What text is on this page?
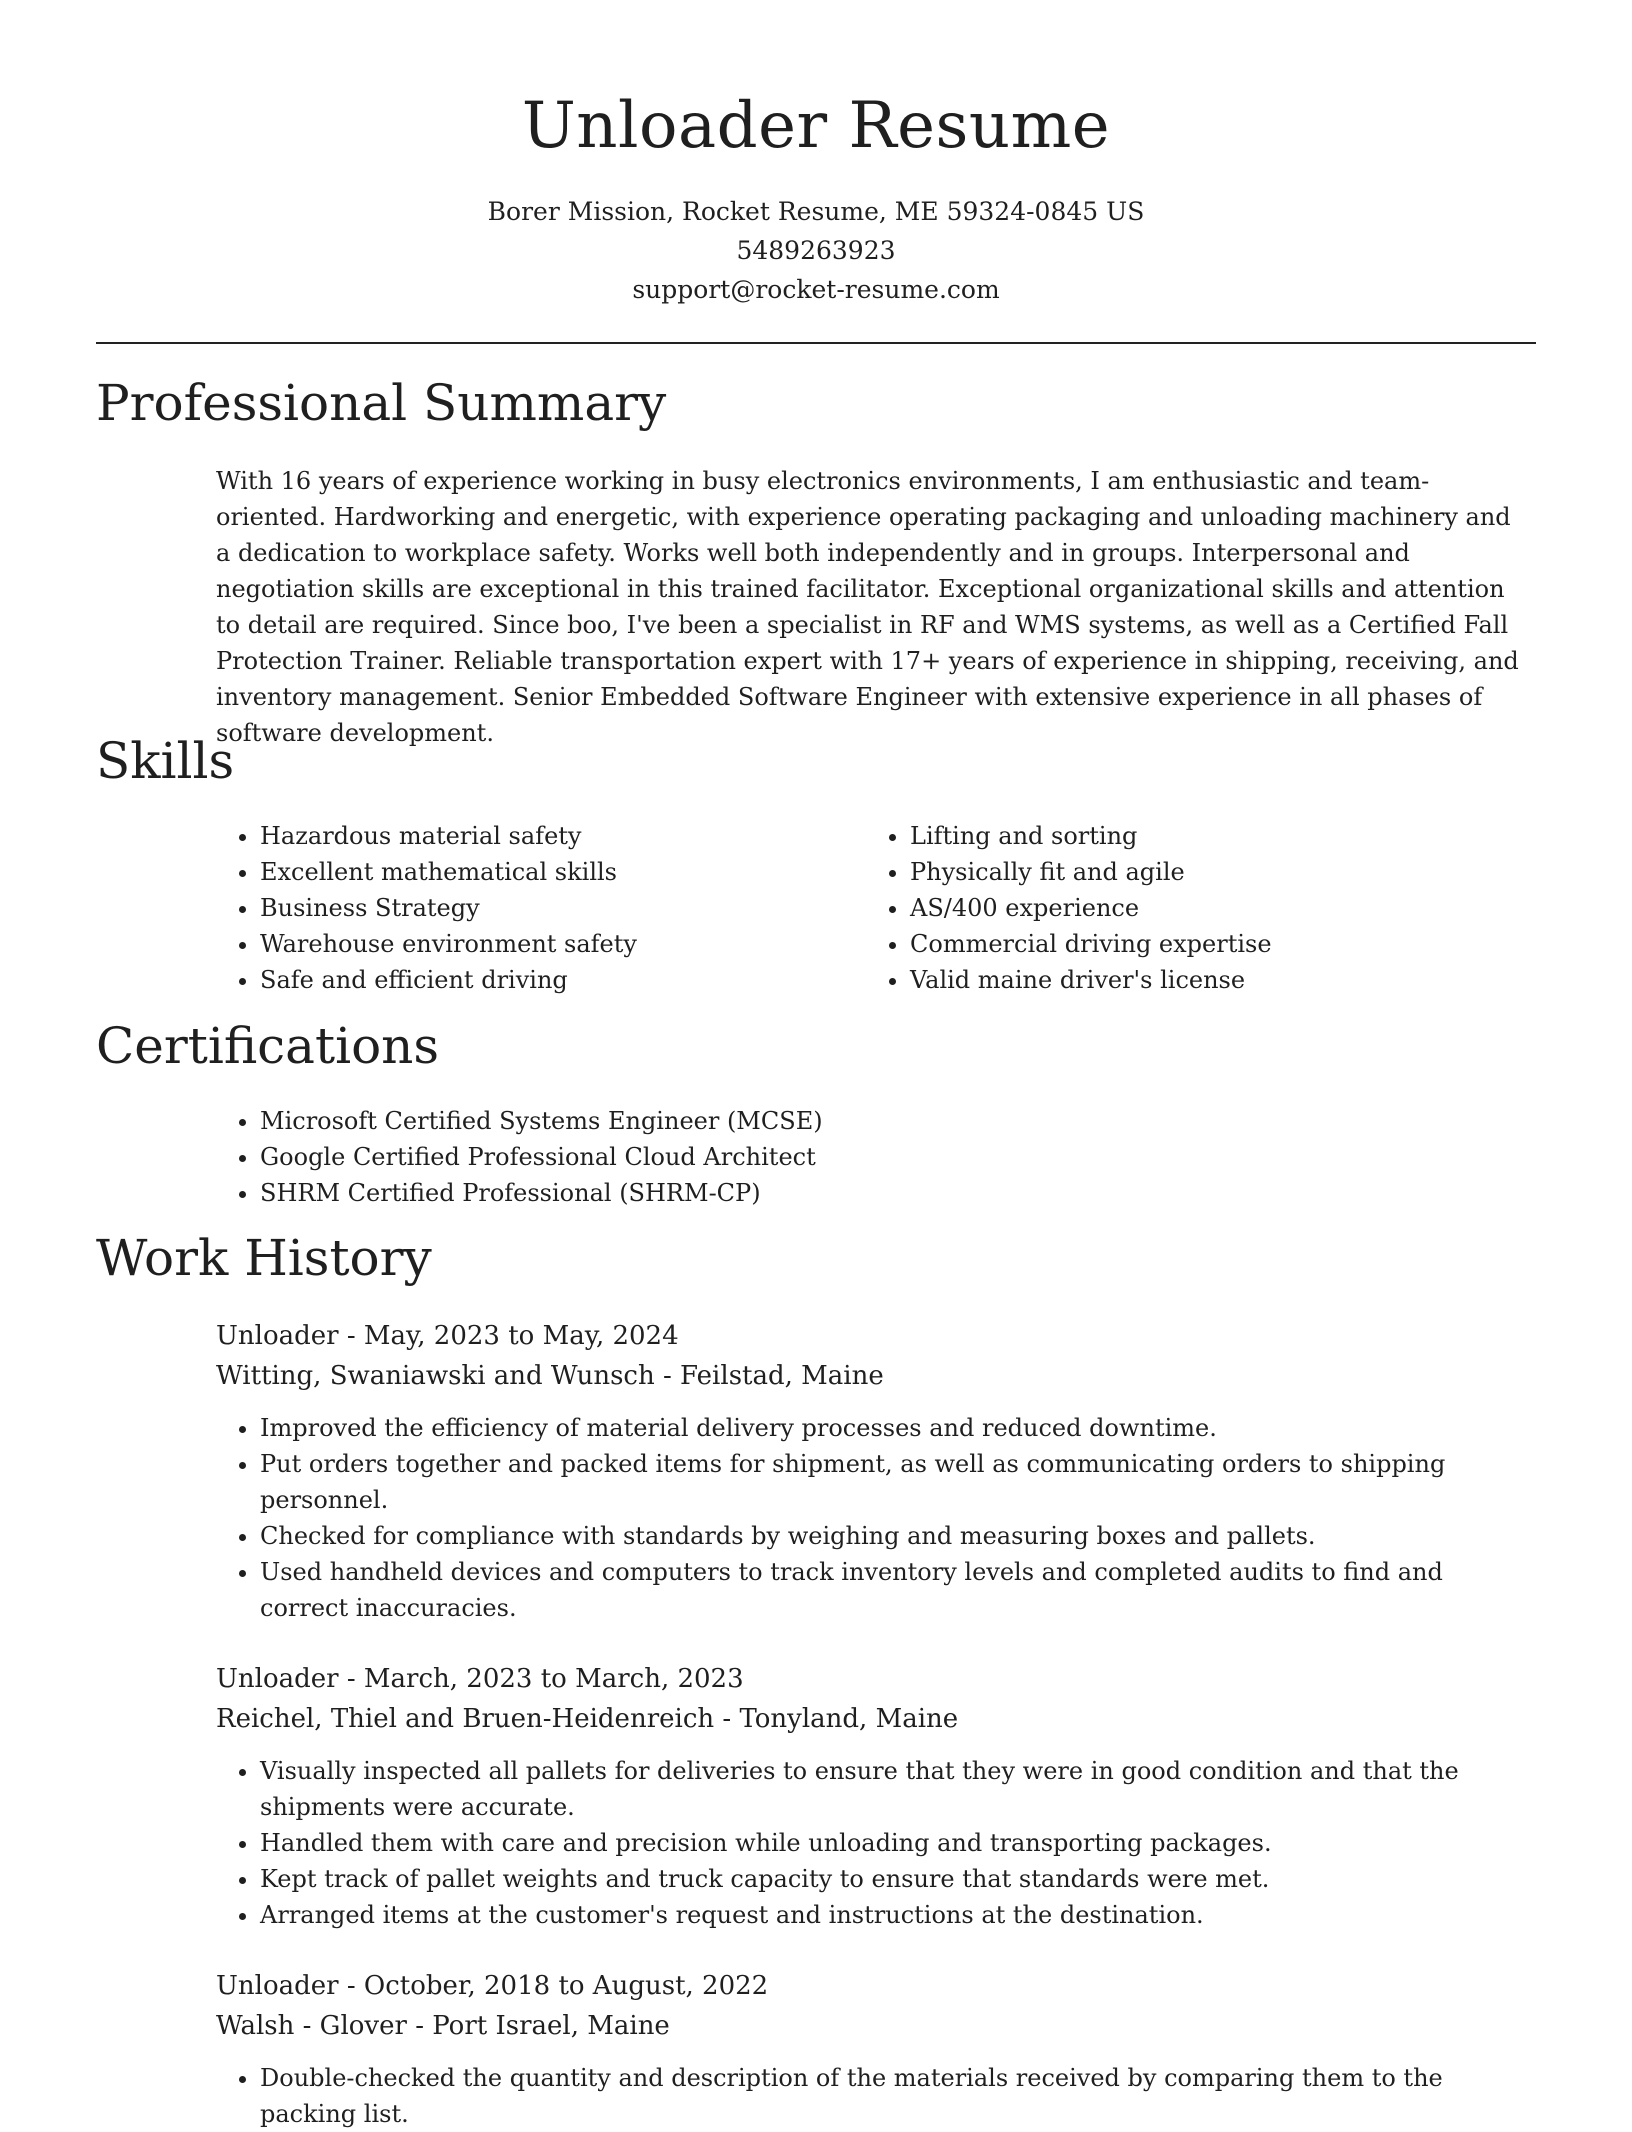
Unloader Resume
Borer Mission, Rocket Resume, ME 59324-0845 US
5489263923
support@rocket-resume.com
Professional Summary

With 16 years of experience working in busy electronics environments, I am enthusiastic and team-oriented. Hardworking and energetic, with experience operating packaging and unloading machinery and a dedication to workplace safety. Works well both independently and in groups. Interpersonal and negotiation skills are exceptional in this trained facilitator. Exceptional organizational skills and attention to detail are required. Since boo, I've been a specialist in RF and WMS systems, as well as a Certified Fall Protection Trainer. Reliable transportation expert with 17+ years of experience in shipping, receiving, and inventory management. Senior Embedded Software Engineer with extensive experience in all phases of software development.

Skills
• Hazardous material safety
• Excellent mathematical skills
• Business Strategy
• Warehouse environment safety
• Safe and efficient driving
• Lifting and sorting
• Physically fit and agile
• AS/400 experience
• Commercial driving expertise
• Valid maine driver's license
Certifications
• Microsoft Certified Systems Engineer (MCSE)
• Google Certified Professional Cloud Architect
• SHRM Certified Professional (SHRM-CP)
Work History
Unloader - May, 2023 to May, 2024
Witting, Swaniawski and Wunsch - Feilstad, Maine
• Improved the efficiency of material delivery processes and reduced downtime.
• Put orders together and packed items for shipment, as well as communicating orders to shipping personnel.
• Checked for compliance with standards by weighing and measuring boxes and pallets.
• Used handheld devices and computers to track inventory levels and completed audits to find and correct inaccuracies.
Unloader - March, 2023 to March, 2023
Reichel, Thiel and Bruen-Heidenreich - Tonyland, Maine
• Visually inspected all pallets for deliveries to ensure that they were in good condition and that the shipments were accurate.
• Handled them with care and precision while unloading and transporting packages.
• Kept track of pallet weights and truck capacity to ensure that standards were met.
• Arranged items at the customer's request and instructions at the destination.
Unloader - October, 2018 to August, 2022
Walsh - Glover - Port Israel, Maine
• Double-checked the quantity and description of the materials received by comparing them to the packing list.
